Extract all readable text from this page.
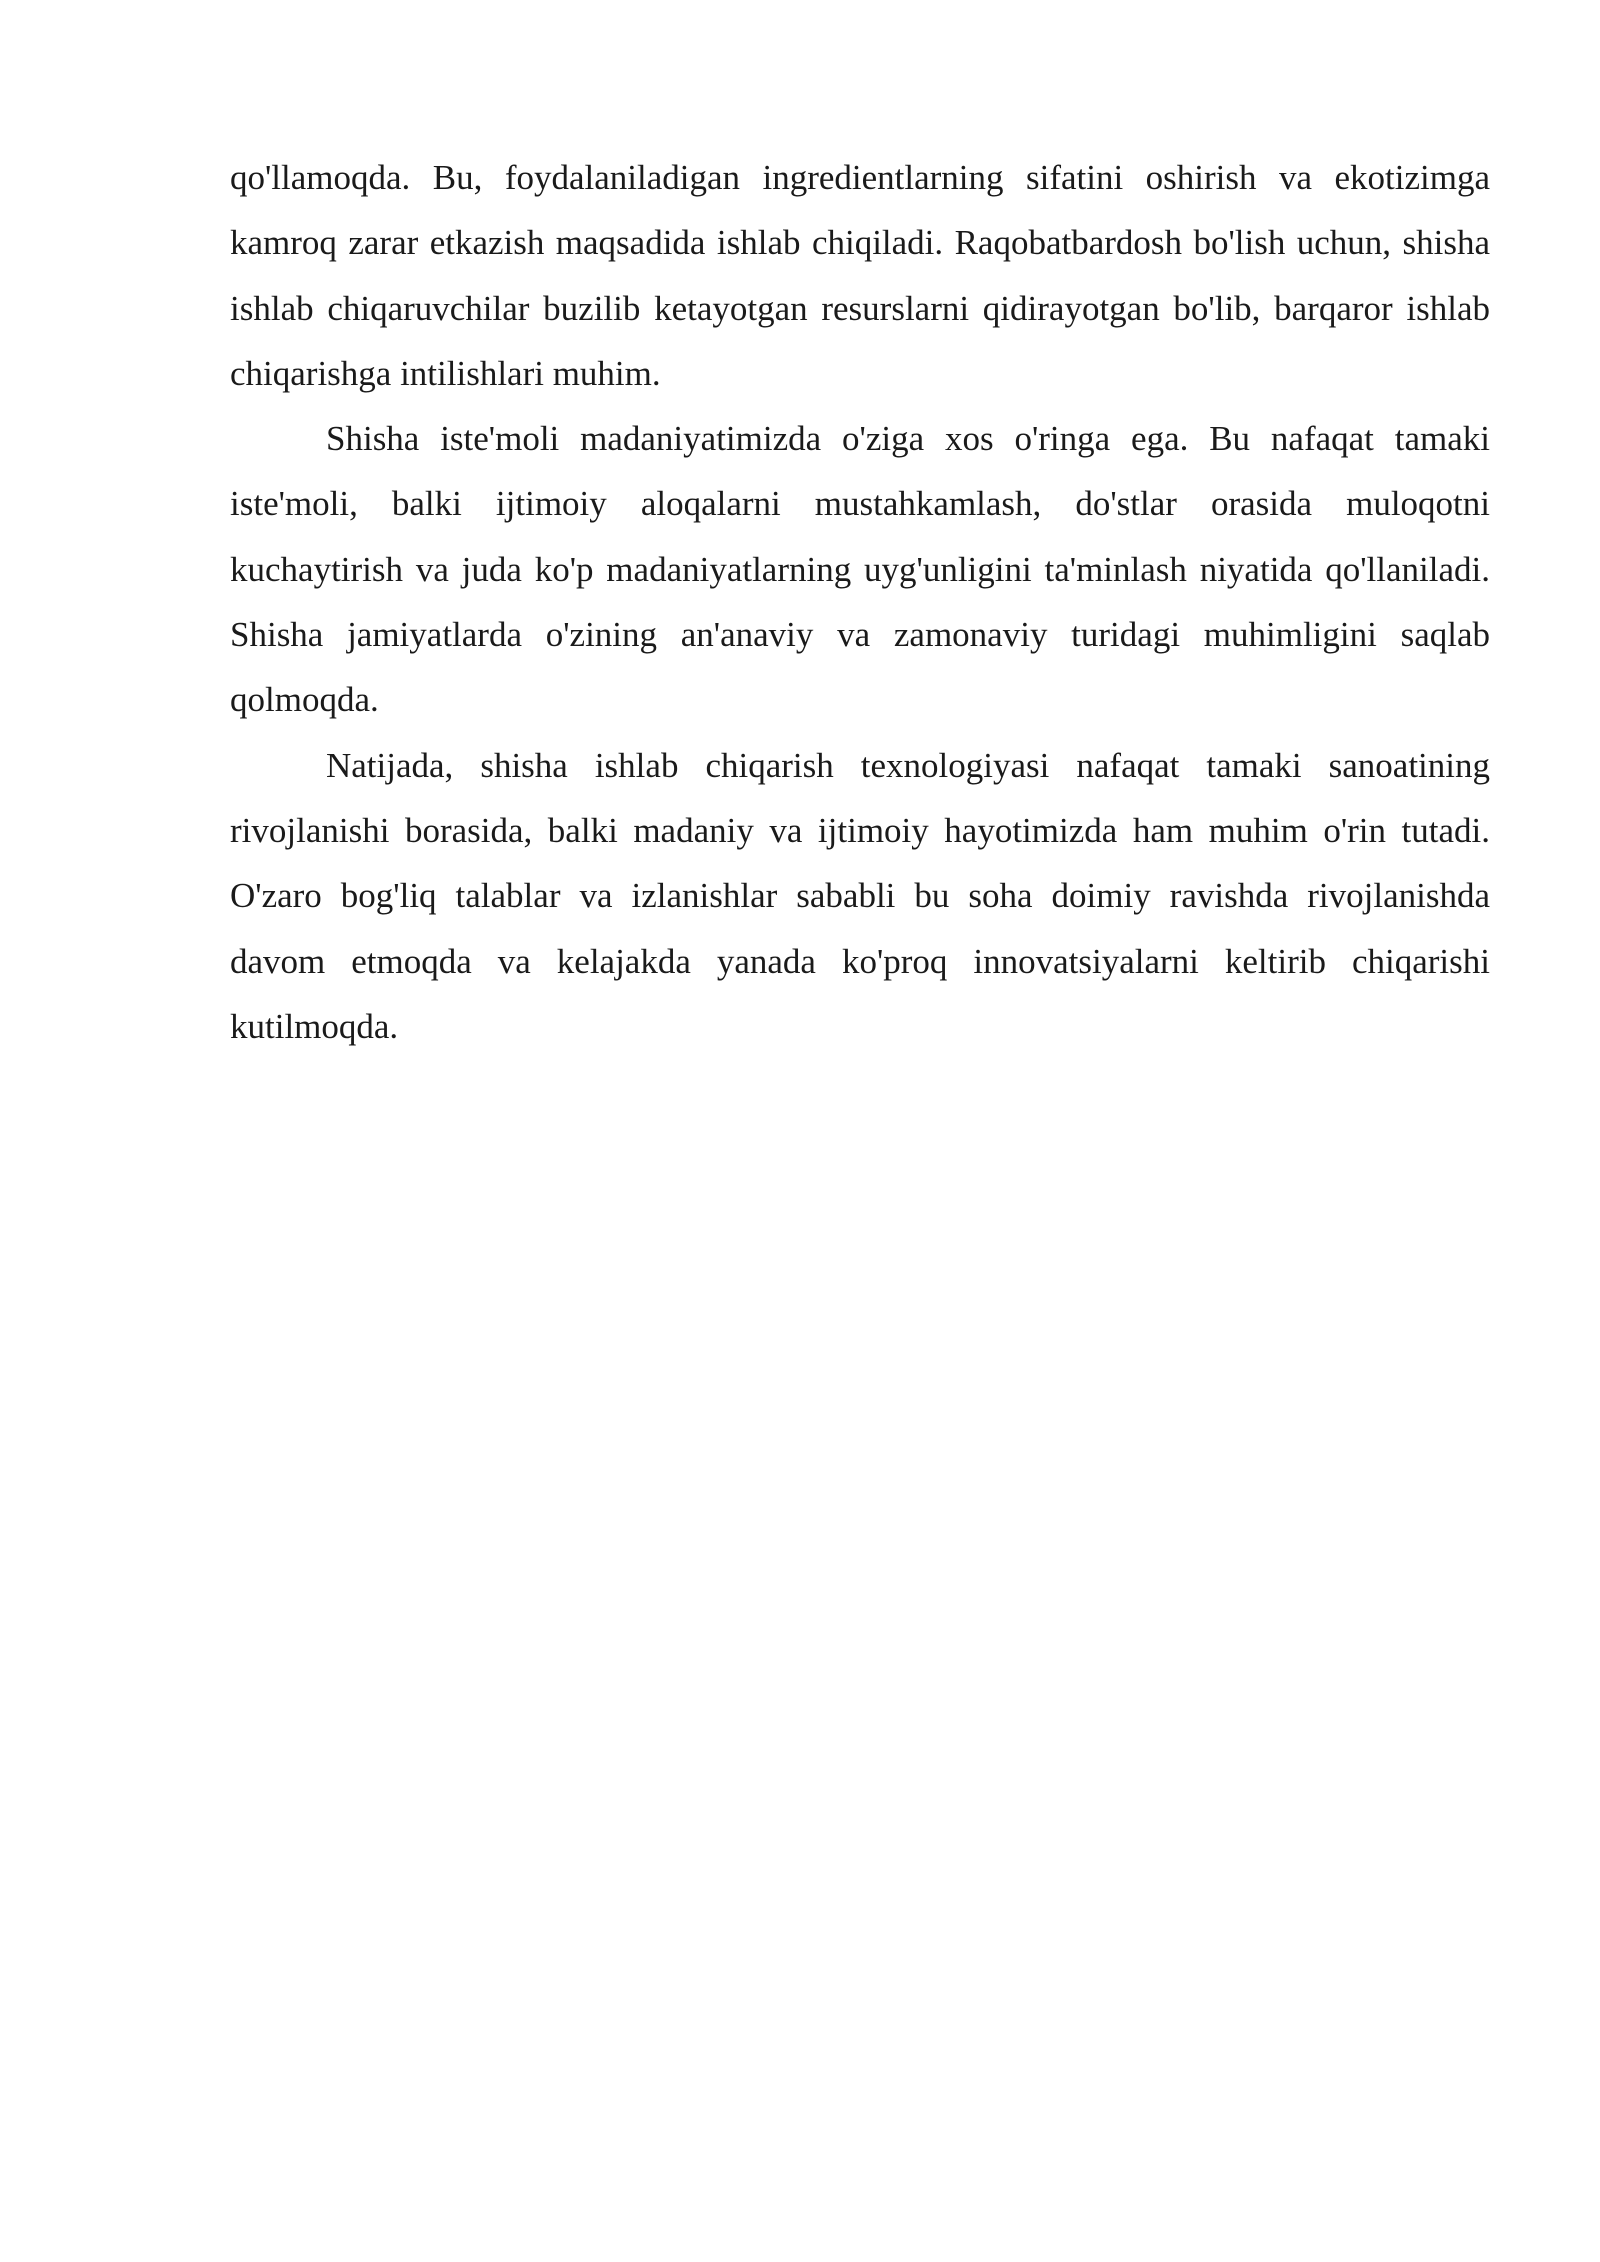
qo'llamoqda. Bu, foydalaniladigan ingredientlarning sifatini oshirish va ekotizimga kamroq zarar etkazish maqsadida ishlab chiqiladi. Raqobatbardosh bo'lish uchun, shisha ishlab chiqaruvchilar buzilib ketayotgan resurslarni qidirayotgan bo'lib, barqaror ishlab chiqarishga intilishlari muhim.

Shisha iste'moli madaniyatimizda o'ziga xos o'ringa ega. Bu nafaqat tamaki iste'moli, balki ijtimoiy aloqalarni mustahkamlash, do'stlar orasida muloqotni kuchaytirish va juda ko'p madaniyatlarning uyg'unligini ta'minlash niyatida qo'llaniladi. Shisha jamiyatlarda o'zining an'anaviy va zamonaviy turidagi muhimligini saqlab qolmoqda.

Natijada, shisha ishlab chiqarish texnologiyasi nafaqat tamaki sanoatining rivojlanishi borasida, balki madaniy va ijtimoiy hayotimizda ham muhim o'rin tutadi. O'zaro bog'liq talablar va izlanishlar sababli bu soha doimiy ravishda rivojlanishda davom etmoqda va kelajakda yanada ko'proq innovatsiyalarni keltirib chiqarishi kutilmoqda.
